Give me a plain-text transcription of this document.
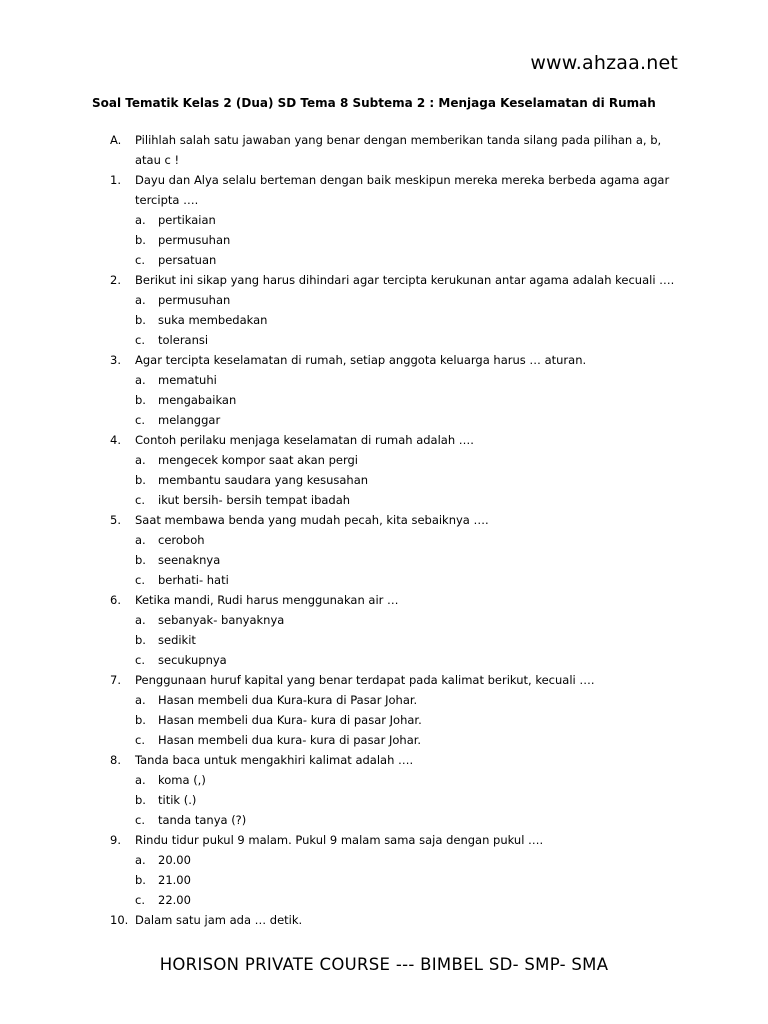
www.ahzaa.net
Soal Tematik Kelas 2 (Dua) SD Tema 8 Subtema 2 : Menjaga Keselamatan di Rumah
A.	Pilihlah salah satu jawaban yang benar dengan memberikan tanda silang pada pilihan a, b, atau c !
1.	Dayu dan Alya selalu berteman dengan baik meskipun mereka mereka berbeda agama agar tercipta ….
a.	pertikaian
b.	permusuhan
c.	persatuan
2.	Berikut ini sikap yang harus dihindari agar tercipta kerukunan antar agama adalah kecuali ….
a.	permusuhan
b.	suka membedakan
c.	toleransi
3.	Agar tercipta keselamatan di rumah, setiap anggota keluarga harus … aturan.
a.	mematuhi
b.	mengabaikan
c.	melanggar
4.	Contoh perilaku menjaga keselamatan di rumah adalah ….
a.	mengecek kompor saat akan pergi
b.	membantu saudara yang kesusahan
c.	ikut bersih- bersih tempat ibadah
5.	Saat membawa benda yang mudah pecah, kita sebaiknya ….
a.	ceroboh
b.	seenaknya
c.	berhati- hati
6.	Ketika mandi, Rudi harus menggunakan air …
a.	sebanyak- banyaknya
b.	sedikit
c.	secukupnya
7.	Penggunaan huruf kapital yang benar terdapat pada kalimat berikut, kecuali ….
a.	Hasan membeli dua Kura-kura di Pasar Johar.
b.	Hasan membeli dua Kura- kura di pasar Johar.
c.	Hasan membeli dua kura- kura di pasar Johar.
8.	Tanda baca untuk mengakhiri kalimat adalah ….
a.	koma (,)
b.	titik (.)
c.	tanda tanya (?)
9.	Rindu tidur pukul 9 malam. Pukul 9 malam sama saja dengan pukul ….
a.	20.00
b.	21.00
c.	22.00
10. Dalam satu jam ada … detik.
HORISON PRIVATE COURSE --- BIMBEL SD- SMP- SMA
